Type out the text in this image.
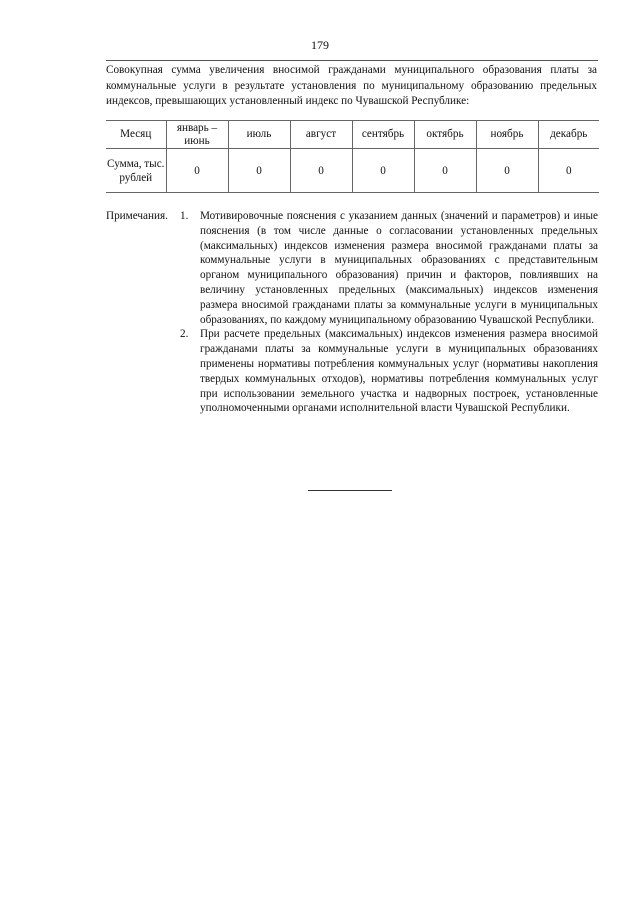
179

Совокупная сумма увеличения вносимой гражданами муниципального образования платы за коммунальные услуги в результате установления по муниципальному образованию предельных индексов, превышающих установленный индекс по Чувашской Республике:

Месяц	январь – июнь	июль	август	сентябрь	октябрь	ноябрь	декабрь
Сумма, тыс. рублей	0	0	0	0	0	0	0
Примечания. 1. Мотивировочные пояснения с указанием данных (значений и параметров) и иные пояснения (в том числе данные о согласовании установленных предельных (максимальных) индексов изменения размера вносимой гражданами платы за коммунальные услуги в муниципальных образованиях с представительным органом муниципального образования) причин и факторов, повлиявших на величину установленных предельных (максимальных) индексов изменения размера вносимой гражданами платы за коммунальные услуги в муниципальных образованиях, по каждому муниципальному образованию Чувашской Республики.
2. При расчете предельных (максимальных) индексов изменения размера вносимой гражданами платы за коммунальные услуги в муниципальных образованиях применены нормативы потребления коммунальных услуг (нормативы накопления твердых коммунальных отходов), нормативы потребления коммунальных услуг при использовании земельного участка и надворных построек, установленные уполномоченными органами исполнительной власти Чувашской Республики.
